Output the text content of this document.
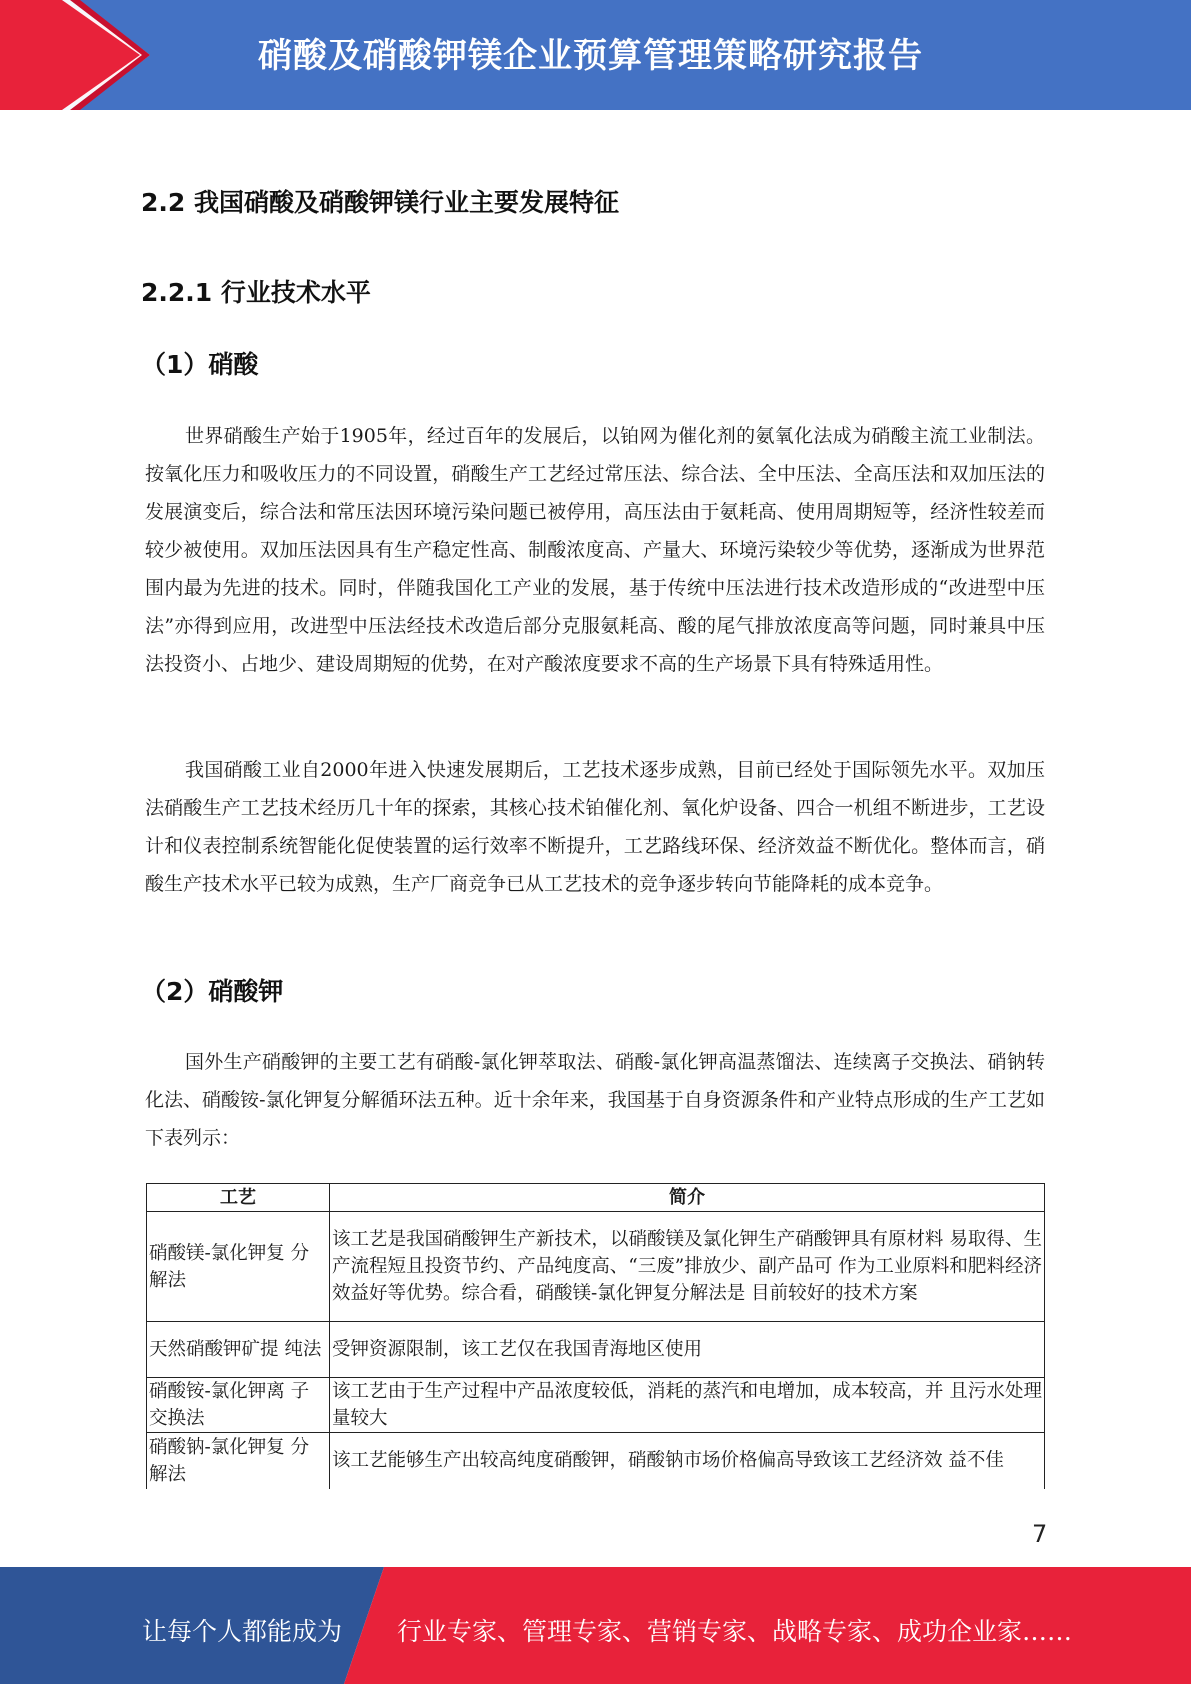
硝酸及硝酸钾镁企业预算管理策略研究报告
2.2 我国硝酸及硝酸钾镁行业主要发展特征
2.2.1 行业技术水平
（1）硝酸

世界硝酸生产始于1905年，经过百年的发展后，以铂网为催化剂的氨氧化法成为硝酸主流工业制法。按氧化压力和吸收压力的不同设置，硝酸生产工艺经过常压法、综合法、全中压法、全高压法和双加压法的发展演变后，综合法和常压法因环境污染问题已被停用，高压法由于氨耗高、使用周期短等，经济性较差而较少被使用。双加压法因具有生产稳定性高、制酸浓度高、产量大、环境污染较少等优势，逐渐成为世界范围内最为先进的技术。同时，伴随我国化工产业的发展，基于传统中压法进行技术改造形成的“改进型中压法”亦得到应用，改进型中压法经技术改造后部分克服氨耗高、酸的尾气排放浓度高等问题，同时兼具中压法投资小、占地少、建设周期短的优势，在对产酸浓度要求不高的生产场景下具有特殊适用性。

我国硝酸工业自2000年进入快速发展期后，工艺技术逐步成熟，目前已经处于国际领先水平。双加压法硝酸生产工艺技术经历几十年的探索，其核心技术铂催化剂、氧化炉设备、四合一机组不断进步，工艺设计和仪表控制系统智能化促使装置的运行效率不断提升，工艺路线环保、经济效益不断优化。整体而言，硝酸生产技术水平已较为成熟，生产厂商竞争已从工艺技术的竞争逐步转向节能降耗的成本竞争。

（2）硝酸钾

国外生产硝酸钾的主要工艺有硝酸-氯化钾萃取法、硝酸-氯化钾高温蒸馏法、连续离子交换法、硝钠转化法、硝酸铵-氯化钾复分解循环法五种。近十余年来，我国基于自身资源条件和产业特点形成的生产工艺如下表列示：

工艺	简介
硝酸镁-氯化钾复 分解法	该工艺是我国硝酸钾生产新技术，以硝酸镁及氯化钾生产硝酸钾具有原材料 易取得、生产流程短且投资节约、产品纯度高、“三废”排放少、副产品可 作为工业原料和肥料经济效益好等优势。综合看，硝酸镁-氯化钾复分解法是 目前较好的技术方案
天然硝酸钾矿提 纯法	受钾资源限制，该工艺仅在我国青海地区使用
硝酸铵-氯化钾离 子交换法	该工艺由于生产过程中产品浓度较低，消耗的蒸汽和电增加，成本较高，并 且污水处理量较大
硝酸钠-氯化钾复 分解法	该工艺能够生产出较高纯度硝酸钾，硝酸钠市场价格偏高导致该工艺经济效 益不佳
7
让每个人都能成为 行业专家、管理专家、营销专家、战略专家、成功企业家……
